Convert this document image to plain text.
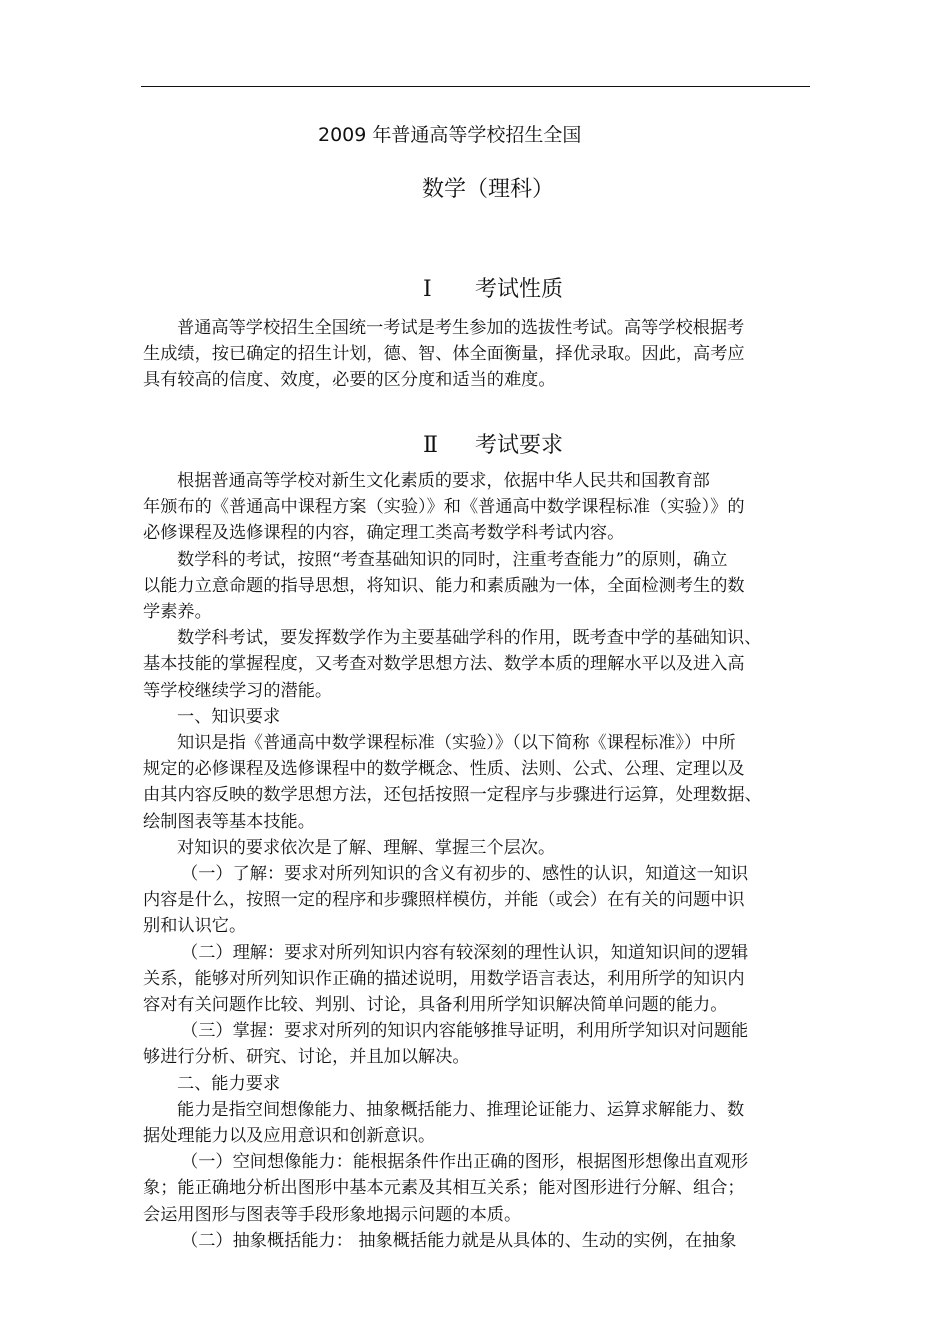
2009 年普通高等学校招生全国
数学（理科）
Ⅰ 考试性质
普通高等学校招生全国统一考试是考生参加的选拔性考试。高等学校根据考
生成绩，按已确定的招生计划，德、智、体全面衡量，择优录取。因此，高考应
具有较高的信度、效度，必要的区分度和适当的难度。
Ⅱ 考试要求
根据普通高等学校对新生文化素质的要求，依据中华人民共和国教育部
年颁布的《普通高中课程方案（实验）》和《普通高中数学课程标准（实验）》的
必修课程及选修课程的内容，确定理工类高考数学科考试内容。
数学科的考试，按照“考查基础知识的同时，注重考查能力”的原则，确立
以能力立意命题的指导思想，将知识、能力和素质融为一体，全面检测考生的数
学素养。
数学科考试，要发挥数学作为主要基础学科的作用，既考查中学的基础知识、
基本技能的掌握程度，又考查对数学思想方法、数学本质的理解水平以及进入高
等学校继续学习的潜能。
一、知识要求
知识是指《普通高中数学课程标准（实验）》（以下简称《课程标准》）中所
规定的必修课程及选修课程中的数学概念、性质、法则、公式、公理、定理以及
由其内容反映的数学思想方法，还包括按照一定程序与步骤进行运算，处理数据、
绘制图表等基本技能。
对知识的要求依次是了解、理解、掌握三个层次。
（一）了解：要求对所列知识的含义有初步的、感性的认识，知道这一知识
内容是什么，按照一定的程序和步骤照样模仿，并能（或会）在有关的问题中识
别和认识它。
（二）理解：要求对所列知识内容有较深刻的理性认识，知道知识间的逻辑
关系，能够对所列知识作正确的描述说明，用数学语言表达，利用所学的知识内
容对有关问题作比较、判别、讨论，具备利用所学知识解决简单问题的能力。
（三）掌握：要求对所列的知识内容能够推导证明，利用所学知识对问题能
够进行分析、研究、讨论，并且加以解决。
二、能力要求
能力是指空间想像能力、抽象概括能力、推理论证能力、运算求解能力、数
据处理能力以及应用意识和创新意识。
（一）空间想像能力：能根据条件作出正确的图形，根据图形想像出直观形
象；能正确地分析出图形中基本元素及其相互关系；能对图形进行分解、组合；
会运用图形与图表等手段形象地揭示问题的本质。
（二）抽象概括能力： 抽象概括能力就是从具体的、生动的实例，在抽象
